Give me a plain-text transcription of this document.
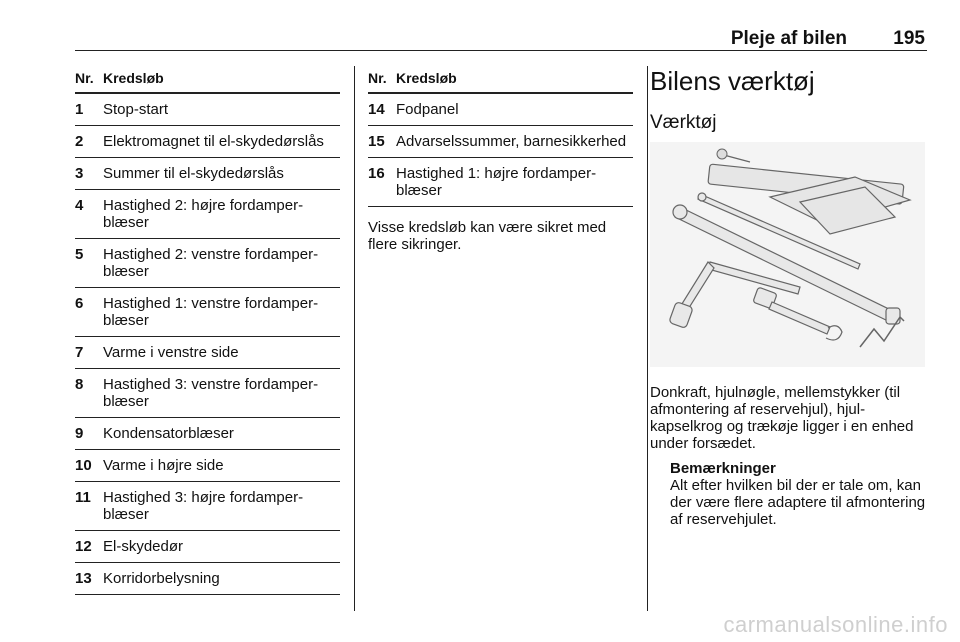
Pleje af bilen 195
Nr. Kredsløb
1 Stop-start
2 Elektromagnet til el-skydedørslås
3 Summer til el-skydedørslås
4 Hastighed 2: højre fordamperblæser
5 Hastighed 2: venstre fordamperblæser
6 Hastighed 1: venstre fordamperblæser
7 Varme i venstre side
8 Hastighed 3: venstre fordamperblæser
9 Kondensatorblæser
10 Varme i højre side
11 Hastighed 3: højre fordamperblæser
12 El-skydedør
13 Korridorbelysning
Nr. Kredsløb
14 Fodpanel
15 Advarselssummer, barnesikkerhed
16 Hastighed 1: højre fordamperblæser
Visse kredsløb kan være sikret med flere sikringer.
Bilens værktøj
Værktøj
Donkraft, hjulnøgle, mellemstykker (til afmontering af reservehjul), hjulkapselkrog og trækøje ligger i en enhed under forsædet.
Bemærkninger
Alt efter hvilken bil der er tale om, kan der være flere adaptere til afmontering af reservehjulet.
carmanualsonline.info
